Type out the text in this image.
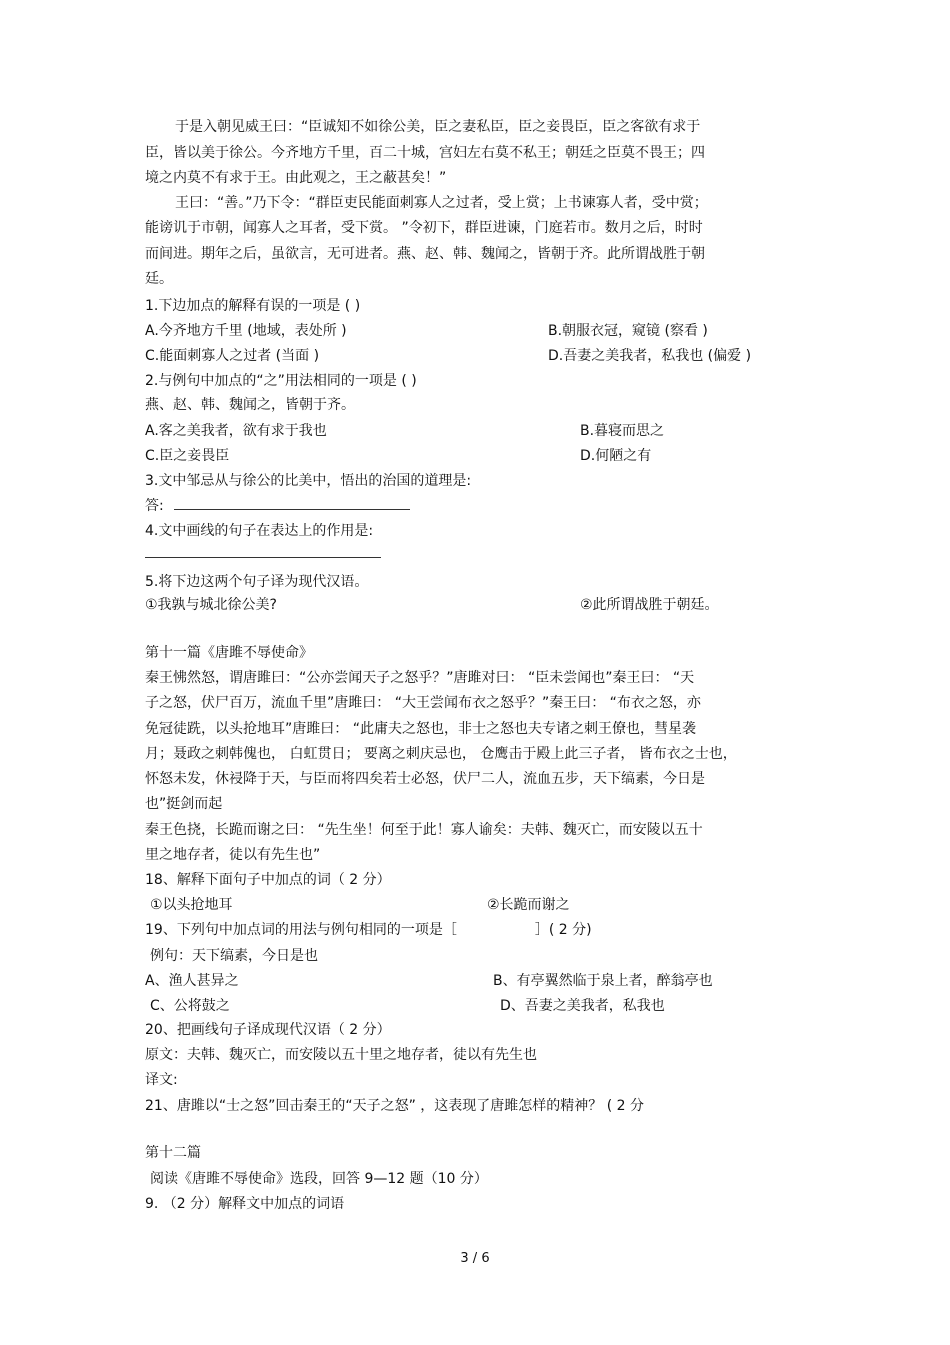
于是入朝见威王曰：“臣诚知不如徐公美，臣之妻私臣，臣之妾畏臣，臣之客欲有求于
臣，皆以美于徐公。今齐地方千里，百二十城，宫妇左右莫不私王；朝廷之臣莫不畏王；四
境之内莫不有求于王。由此观之，王之蔽甚矣！”
王曰：“善。”乃下令：“群臣吏民能面刺寡人之过者，受上赏；上书谏寡人者，受中赏；
能谤讥于市朝，闻寡人之耳者，受下赏。 ”令初下，群臣进谏，门庭若市。数月之后，时时
而间进。期年之后，虽欲言，无可进者。燕、赵、韩、魏闻之，皆朝于齐。此所谓战胜于朝
廷。
1.下边加点的解释有误的一项是 ( )
A.今齐地方千里 (地域，表处所 )	B.朝服衣冠，窥镜 (察看 )
C.能面刺寡人之过者 (当面 )	D.吾妻之美我者，私我也 (偏爱 )
2.与例句中加点的“之”用法相同的一项是 ( )
燕、赵、韩、魏闻之，皆朝于齐。
A.客之美我者，欲有求于我也	B.暮寝而思之
C.臣之妾畏臣	D.何陋之有
3.文中邹忌从与徐公的比美中，悟出的治国的道理是:
答:
4.文中画线的句子在表达上的作用是:
5.将下边这两个句子译为现代汉语。
①我孰与城北徐公美?	②此所谓战胜于朝廷。
第十一篇《唐雎不辱使命》
秦王怫然怒，谓唐雎曰：“公亦尝闻天子之怒乎？”唐雎对曰： “臣未尝闻也”秦王曰： “天
子之怒，伏尸百万，流血千里”唐雎曰： “大王尝闻布衣之怒乎？”秦王曰： “布衣之怒，亦
免冠徒跣，以头抢地耳”唐雎曰： “此庸夫之怒也，非士之怒也夫专诸之刺王僚也，彗星袭
月；聂政之刺韩傀也， 白虹贯日； 要离之刺庆忌也， 仓鹰击于殿上此三子者， 皆布衣之士也，
怀怒未发，休祲降于天，与臣而将四矣若士必怒，伏尸二人，流血五步，天下缟素，今日是
也”挺剑而起
秦王色挠，长跪而谢之曰： “先生坐！何至于此！寡人谕矣：夫韩、魏灭亡，而安陵以五十
里之地存者，徒以有先生也”
18、解释下面句子中加点的词（ 2 分）
①以头抢地耳	②长跪而谢之
19、下列句中加点词的用法与例句相同的一项是［	］( 2 分)
例句：天下缟素，今日是也
A、渔人甚异之	B、有亭翼然临于泉上者，醉翁亭也
C、公将鼓之	D、吾妻之美我者，私我也
20、把画线句子译成现代汉语（ 2 分）
原文：夫韩、魏灭亡，而安陵以五十里之地存者，徒以有先生也
译文:
21、唐雎以“士之怒”回击秦王的“天子之怒” ，这表现了唐雎怎样的精神？ ( 2 分
第十二篇
阅读《唐雎不辱使命》选段，回答 9—12 题（10 分）
9. （2 分）解释文中加点的词语
3 / 6
